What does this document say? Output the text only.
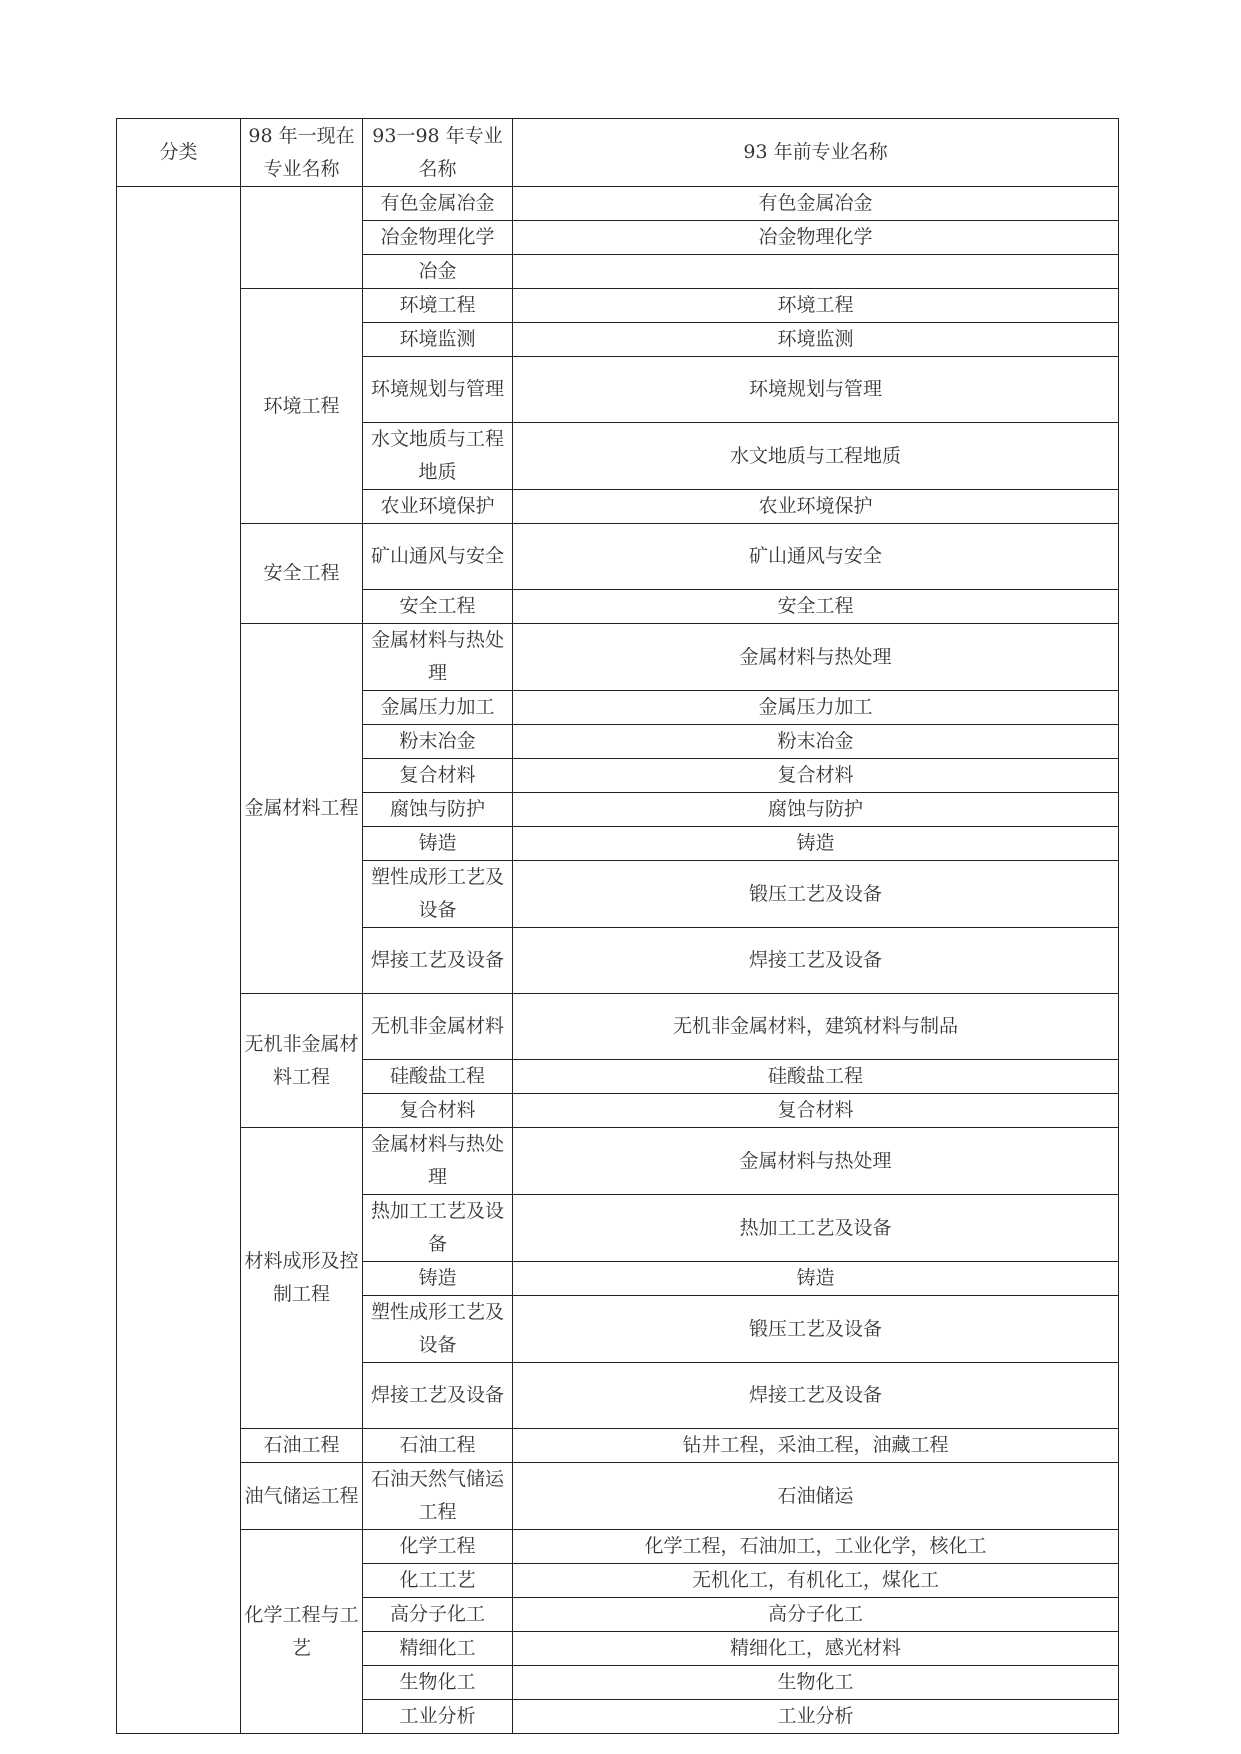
分类	98 年一现在专业名称	93一98 年专业名称	93 年前专业名称
		有色金属冶金	有色金属冶金
		冶金物理化学	冶金物理化学
		冶金	
	环境工程	环境工程	环境工程
		环境监测	环境监测
		环境规划与管理	环境规划与管理
		水文地质与工程地质	水文地质与工程地质
		农业环境保护	农业环境保护
	安全工程	矿山通风与安全	矿山通风与安全
		安全工程	安全工程
	金属材料工程	金属材料与热处理	金属材料与热处理
		金属压力加工	金属压力加工
		粉末冶金	粉末冶金
		复合材料	复合材料
		腐蚀与防护	腐蚀与防护
		铸造	铸造
		塑性成形工艺及设备	锻压工艺及设备
		焊接工艺及设备	焊接工艺及设备
	无机非金属材料工程	无机非金属材料	无机非金属材料，建筑材料与制品
		硅酸盐工程	硅酸盐工程
		复合材料	复合材料
	材料成形及控制工程	金属材料与热处理	金属材料与热处理
		热加工工艺及设备	热加工工艺及设备
		铸造	铸造
		塑性成形工艺及设备	锻压工艺及设备
		焊接工艺及设备	焊接工艺及设备
	石油工程	石油工程	钻井工程，采油工程，油藏工程
	油气储运工程	石油天然气储运工程	石油储运
	化学工程与工艺	化学工程	化学工程，石油加工，工业化学，核化工
		化工工艺	无机化工，有机化工，煤化工
		高分子化工	高分子化工
		精细化工	精细化工，感光材料
		生物化工	生物化工
		工业分析	工业分析
